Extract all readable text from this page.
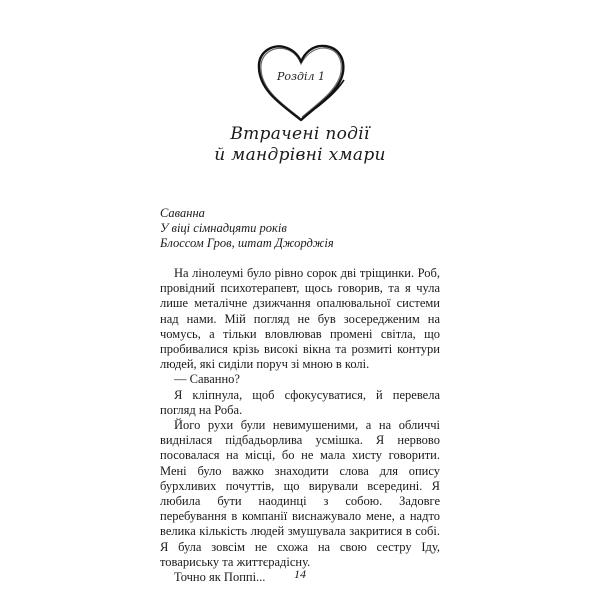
Розділ 1
Втрачені події
й мандрівні хмари
Саванна
У віці сімнадцяти років
Блоссом Гров, штат Джорджія

На лінолеумі було рівно сорок дві тріщинки. Роб, провідний психотерапевт, щось говорив, та я чула лише металічне дзижчання опалювальної системи над нами. Мій погляд не був зосередженим на чомусь, а тільки вловлював промені світла, що пробивалися крізь високі вікна та розмиті контури людей, які сиділи поруч зі мною в колі.

— Саванно?

Я кліпнула, щоб сфокусуватися, й перевела погляд на Роба.

Його рухи були невимушеними, а на обличчі виднілася підбадьорлива усмішка. Я нервово посовалася на місці, бо не мала хисту говорити. Мені було важко знаходити слова для опису бурхливих почуттів, що вирували всередині. Я любила бути наодинці з собою. Задовге перебування в компанії виснажувало мене, а надто велика кількість людей змушувала закритися в собі. Я була зовсім не схожа на свою сестру Іду, товариську та життєрадісну.

Точно як Поппі...	14
